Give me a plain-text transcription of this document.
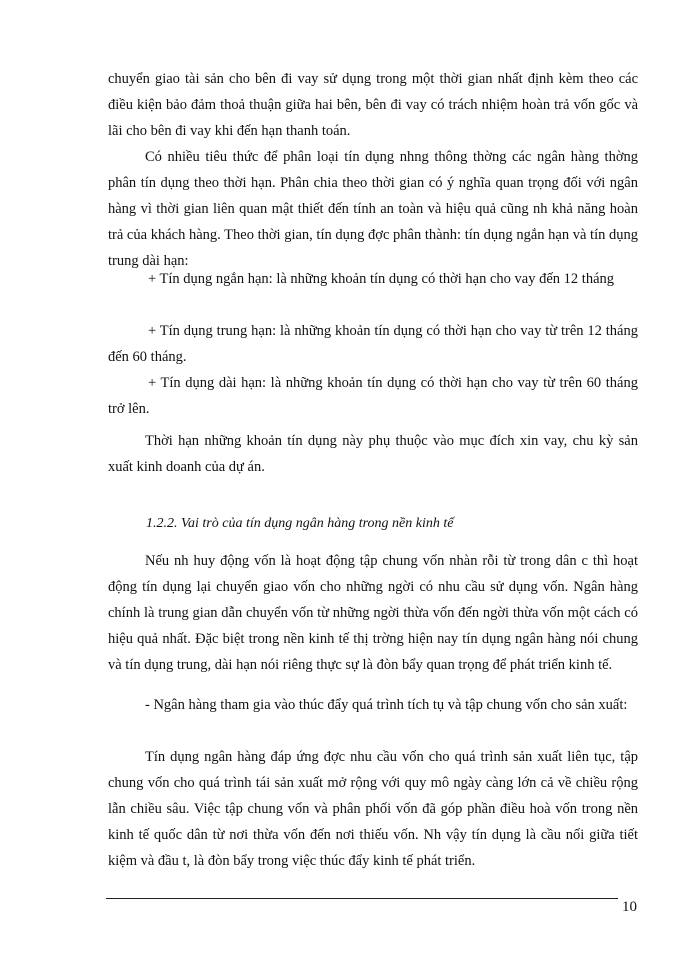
chuyển giao tài sản cho bên đi vay sử dụng trong một thời gian nhất định kèm theo các điều kiện bảo đảm thoả thuận giữa hai bên, bên đi vay có trách nhiệm hoàn trả vốn gốc và lãi cho bên đi vay khi đến hạn thanh toán.

Có nhiều tiêu thức để phân loại tín dụng nhng thông thờng các ngân hàng thờng phân tín dụng theo thời hạn. Phân chia theo thời gian có ý nghĩa quan trọng đối với ngân hàng vì thời gian liên quan mật thiết đến tính an toàn và hiệu quả cũng nh khả năng hoàn trả của khách hàng. Theo thời gian, tín dụng đợc phân thành: tín dụng ngắn hạn và tín dụng trung dài hạn:

+ Tín dụng ngắn hạn: là những khoản tín dụng có thời hạn cho vay đến 12 tháng

+ Tín dụng trung hạn: là những khoản tín dụng có thời hạn cho vay từ trên 12 tháng đến 60 tháng.

+ Tín dụng dài hạn: là những khoản tín dụng có thời hạn cho vay từ trên 60 tháng trở lên.

Thời hạn những khoản tín dụng này phụ thuộc vào mục đích xin vay, chu kỳ sản xuất kinh doanh của dự án.

1.2.2. Vai trò của tín dụng ngân hàng trong nền kinh tế

Nếu nh huy động vốn là hoạt động tập chung vốn nhàn rỗi từ trong dân c thì hoạt động tín dụng lại chuyển giao vốn cho những ngời có nhu cầu sử dụng vốn. Ngân hàng chính là trung gian dẫn chuyển vốn từ những ngời thừa vốn đến ngời thừa vốn một cách có hiệu quả nhất. Đặc biệt trong nền kinh tế thị trờng hiện nay tín dụng ngân hàng nói chung và tín dụng trung, dài hạn nói riêng thực sự là đòn bẩy quan trọng để phát triển kinh tế.

- Ngân hàng tham gia vào thúc đẩy quá trình tích tụ và tập chung vốn cho sản xuất:

Tín dụng ngân hàng đáp ứng đợc nhu cầu vốn cho quá trình sản xuất liên tục, tập chung vốn cho quá trình tái sản xuất mở rộng với quy mô ngày càng lớn cả về chiều rộng lẫn chiều sâu. Việc tập chung vốn và phân phối vốn đã góp phần điều hoà vốn trong nền kinh tế quốc dân từ nơi thừa vốn đến nơi thiếu vốn. Nh vậy tín dụng là cầu nối giữa tiết kiệm và đầu t, là đòn bẩy trong việc thúc đẩy kinh tế phát triển.

10
